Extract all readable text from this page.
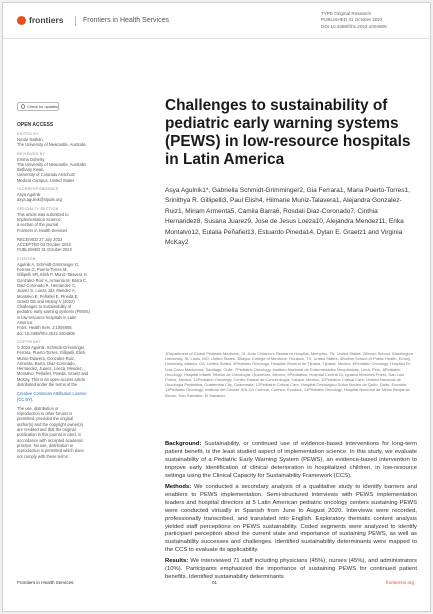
frontiers	Frontiers in Health Services
TYPE Original Research
PUBLISHED 31 October 2022
DOI 10.3389/frhs.2022.1004805
Check for updates
OPEN ACCESS
EDITED BY
Nicole Nathan,
The University of Newcastle, Australia
REVIEWED BY
Emma Doherty,
The University of Newcastle, Australia
Bethany Kwan,
University of Colorado Anschutz
Medical Campus, United States
*CORRESPONDENCE
Asya Agulnik
asya.agulnik@stjude.org
SPECIALTY SECTION
This article was submitted to
Implementation Science,
a section of the journal
Frontiers in Health Services
RECEIVED 27 July 2022
ACCEPTED 03 October 2022
PUBLISHED 31 October 2022
CITATION
Agulnik A, Schmidt-Grimminger G,
Ferrara G, Puerto-Torres M,
Gillipelli SR, Elish P, Muniz-Talavera H,
Gonzalez-Ruiz A, Armenta M, Barra C,
Diaz-Coronado R, Hernandez C,
Juarez S, Loeza JdJ, Mendez A,
Montalvo E, Peñafiel E, Pineda E,
Graetz DE and McKay V (2022)
Challenges to sustainability of
pediatric early warning systems (PEWS)
in low-resource hospitals in Latin
America.
Front. Health Serv. 2:1004805.
doi: 10.3389/frhs.2022.1004805
COPYRIGHT
© 2022 Agulnik, Schmidt-Grimminger,
Ferrara, Puerto-Torres, Gillipelli, Elish,
Muniz-Talavera, Gonzalez-Ruiz,
Armenta, Barra, Diaz-Coronado,
Hernandez, Juarez, Loeza, Mendez,
Montalvo, Peñafiel, Pineda, Graetz and
McKay. This is an open-access article
distributed under the terms of the
Creative Commons Attribution License
(CC BY).
The use, distribution or
reproduction in other forums is
permitted, provided the original
author(s) and the copyright owner(s)
are credited and that the original
publication in this journal is cited, in
accordance with accepted academic
practice. No use, distribution or
reproduction is permitted which does
not comply with these terms.
Challenges to sustainability of pediatric early warning systems (PEWS) in low-resource hospitals in Latin America
Asya Agulnik1*, Gabriella Schmidt-Grimminger2, Gia Ferrara1, Maria Puerto-Torres1, Srinithya R. Gillipelli3, Paul Elish4, Hilmarie Muniz-Talavera1, Alejandra Gonzalez-Ruiz1, Miriam Armenta5, Camila Barra6, Rosdali Diaz-Coronado7, Cinthia Hernandez8, Susana Juarez9, Jose de Jesus Loeza10, Alejandra Mendez11, Erika Montalvo12, Eulalia Peñafiel13, Estuardo Pineda14, Dylan E. Graetz1 and Virginia McKay2
1Department of Global Pediatric Medicine, St. Jude Children's Research Hospital, Memphis, TN, United States, 2Brown School, Washington University, St. Louis, MO, United States, 3Baylor College of Medicine, Houston, TX, United States, 4Rollins School of Public Health, Emory University, Atlanta, GA, United States, 5Pediatric Oncology, Hospital General de Tijuana, Tijuana, Mexico, 6Pediatric Oncology, Hospital Dr. Luis Calvo Mackenna, Santiago, Chile, 7Pediatric Oncology, Instituto Nacional de Enfermedades Neoplásicas, Lima, Peru, 8Pediatric Oncology, Hospital Infantil Teletón de Oncología, Querétaro, Mexico, 9Pediatrics, Hospital Central Dr. Ignacio Morones Prieto, San Luis Potosí, Mexico, 10Pediatric Oncology, Centro Estatal de Cancerología, Xalapa, Mexico, 11Pediatric Critical Care, Unidad Nacional de Oncología Pediátrica, Guatemala City, Guatemala, 12Pediatric Critical Care, Hospital Oncológico Solca Núcleo de Quito, Quito, Ecuador, 13Pediatric Oncology, Instituto del Cáncer SOLCA Cuenca, Cuenca, Ecuador, 14Pediatric Oncology, Hospital Nacional de Niños Benjamín Bloom, San Salvador, El Salvador

Background: Sustainability, or continued use of evidence-based interventions for long-term patient benefit, is the least studied aspect of implementation science. In this study, we evaluate sustainability of a Pediatric Early Warning System (PEWS), an evidence-based intervention to improve early identification of clinical deterioration in hospitalized children, in low-resource settings using the Clinical Capacity for Sustainability Framework (CCS).

Methods: We conducted a secondary analysis of a qualitative study to identify barriers and enablers to PEWS implementation. Semi-structured interviews with PEWS implementation leaders and hospital directors at 5 Latin American pediatric oncology centers sustaining PEWS were conducted virtually in Spanish from June to August 2020. Interviews were recorded, professionally transcribed, and translated into English. Exploratory thematic content analysis yielded staff perceptions on PEWS sustainability. Coded segments were analyzed to identify participant perception about the current state and importance of sustaining PEWS, as well as sustainability successes and challenges. Identified sustainability determinants were mapped to the CCS to evaluate its applicability.

Results: We interviewed 71 staff including physicians (45%), nurses (45%), and administrators (10%). Participants emphasized the importance of sustaining PEWS for continued patient benefits. Identified sustainability determinants

Frontiers in Health Services	01	frontiersin.org
